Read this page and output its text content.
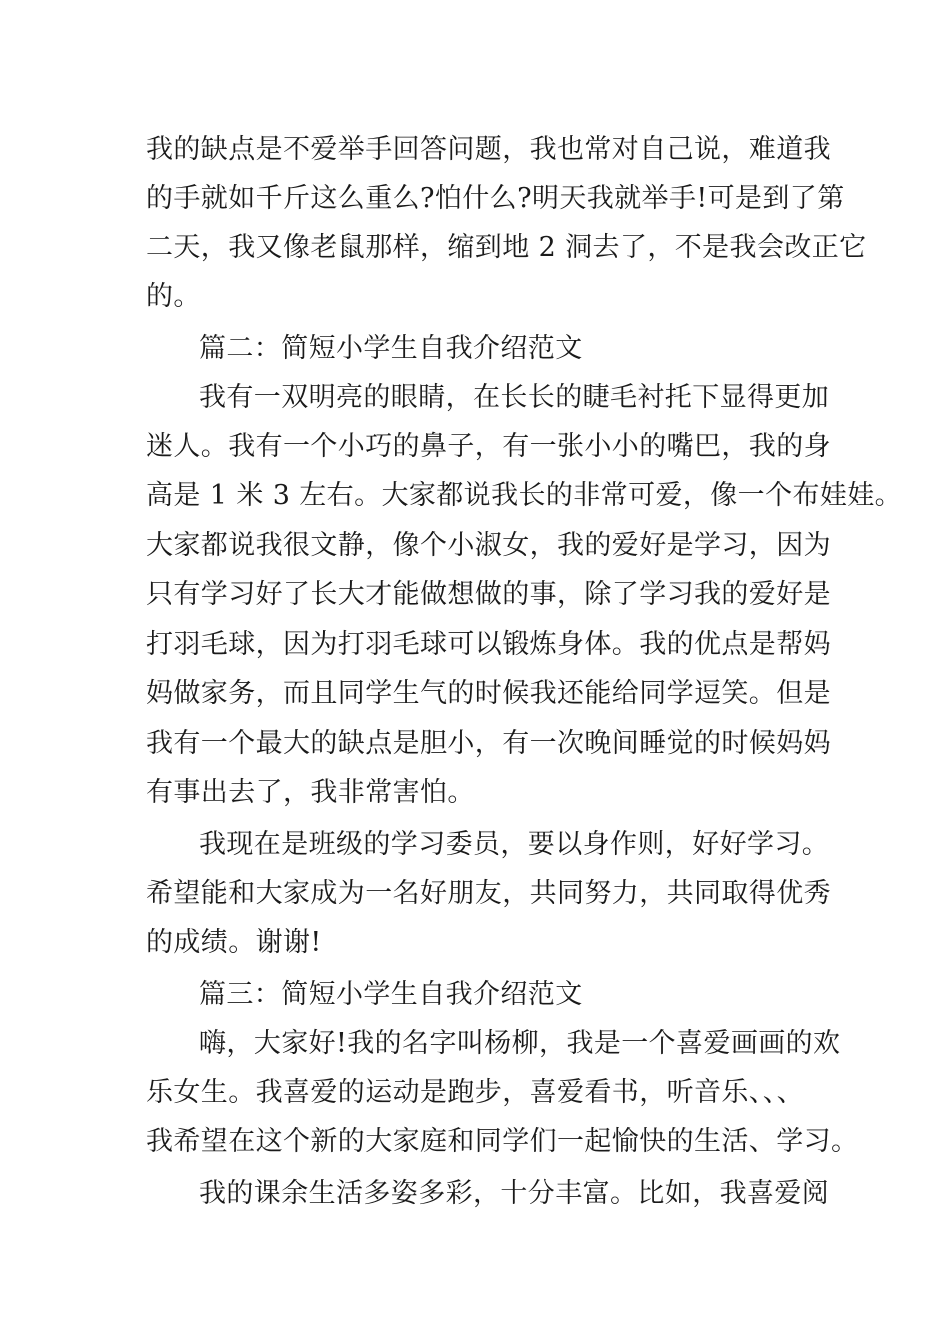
我的缺点是不爱举手回答问题，我也常对自己说，难道我
的手就如千斤这么重么?怕什么?明天我就举手!可是到了第
二天，我又像老鼠那样，缩到地 2 洞去了，不是我会改正它
的。
篇二：简短小学生自我介绍范文
我有一双明亮的眼睛，在长长的睫毛衬托下显得更加
迷人。我有一个小巧的鼻子，有一张小小的嘴巴，我的身
高是 1 米 3 左右。大家都说我长的非常可爱，像一个布娃娃。
大家都说我很文静，像个小淑女，我的爱好是学习，因为
只有学习好了长大才能做想做的事，除了学习我的爱好是
打羽毛球，因为打羽毛球可以锻炼身体。我的优点是帮妈
妈做家务，而且同学生气的时候我还能给同学逗笑。但是
我有一个最大的缺点是胆小，有一次晚间睡觉的时候妈妈
有事出去了，我非常害怕。
我现在是班级的学习委员，要以身作则，好好学习。
希望能和大家成为一名好朋友，共同努力，共同取得优秀
的成绩。谢谢!
篇三：简短小学生自我介绍范文
嗨，大家好!我的名字叫杨柳，我是一个喜爱画画的欢
乐女生。我喜爱的运动是跑步，喜爱看书，听音乐、、、
我希望在这个新的大家庭和同学们一起愉快的生活、学习。
我的课余生活多姿多彩，十分丰富。比如，我喜爱阅
